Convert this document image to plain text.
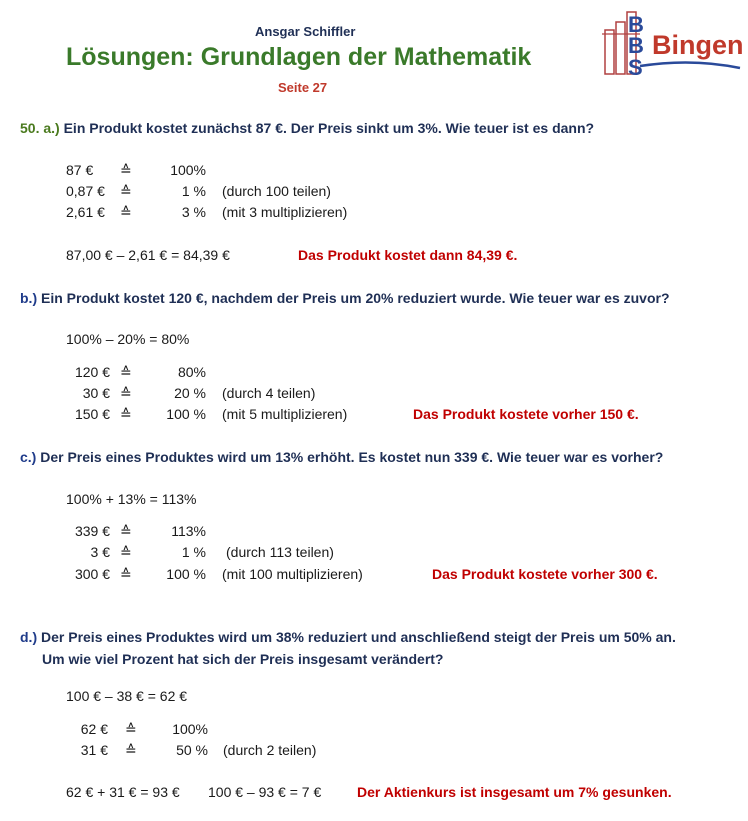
Ansgar Schiffler
Lösungen: Grundlagen der Mathematik
Seite 27
B
B
S
Bingen
50. a.) Ein Produkt kostet zunächst 87 €. Der Preis sinkt um 3%. Wie teuer ist es dann?
87 € ≙	100%
0,87 € ≙	1 % (durch 100 teilen)
2,61 € ≙	3 % (mit 3 multiplizieren)
87,00 € – 2,61 € = 84,39 €	Das Produkt kostet dann 84,39 €.
b.) Ein Produkt kostet 120 €, nachdem der Preis um 20% reduziert wurde. Wie teuer war es zuvor?
100% – 20% = 80%
120 € ≙	80%
30 € ≙	20 % (durch 4 teilen)
150 € ≙	100 % (mit 5 multiplizieren)	Das Produkt kostete vorher 150 €.
c.) Der Preis eines Produktes wird um 13% erhöht. Es kostet nun 339 €. Wie teuer war es vorher?
100% + 13% = 113%
339 € ≙	113%
3 € ≙	1 % (durch 113 teilen)
300 € ≙	100 % (mit 100 multiplizieren)	Das Produkt kostete vorher 300 €.
d.) Der Preis eines Produktes wird um 38% reduziert und anschließend steigt der Preis um 50% an.
Um wie viel Prozent hat sich der Preis insgesamt verändert?
100 € – 38 € = 62 €
62 € ≙	100%
31 € ≙	50 % (durch 2 teilen)
62 € + 31 € = 93 € 100 € – 93 € = 7 €	Der Aktienkurs ist insgesamt um 7% gesunken.
